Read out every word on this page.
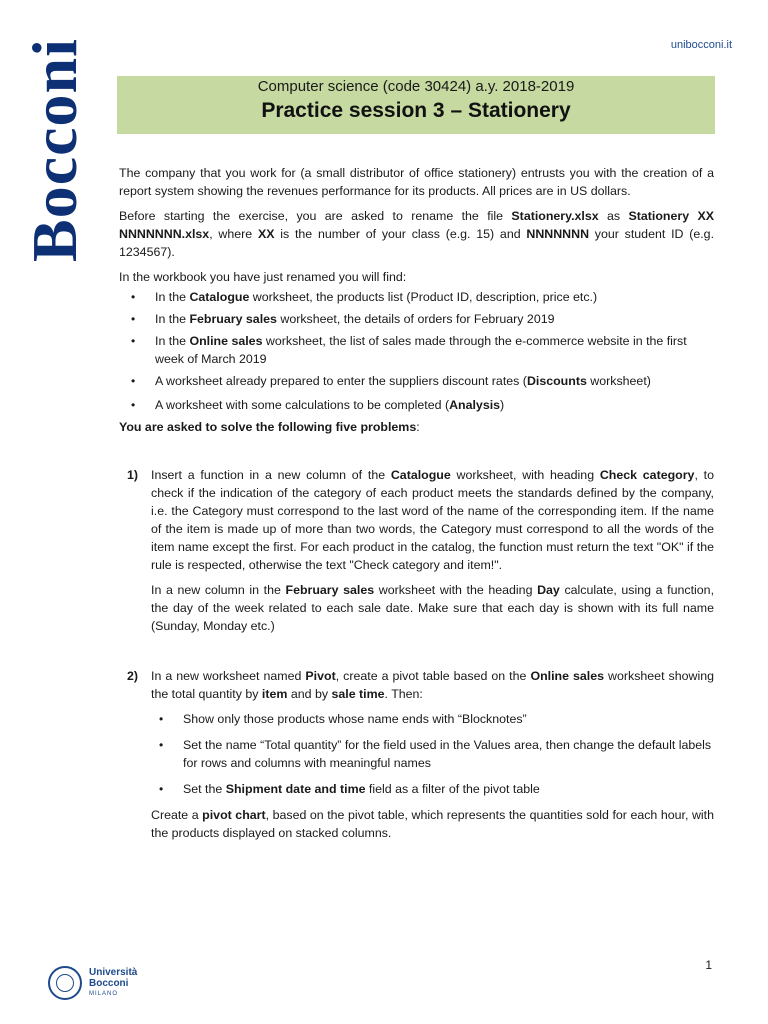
Bocconi	unibocconi.it
Computer science (code 30424) a.y. 2018-2019
Practice session 3 – Stationery

The company that you work for (a small distributor of office stationery) entrusts you with the creation of a report system showing the revenues performance for its products. All prices are in US dollars.

Before starting the exercise, you are asked to rename the file Stationery.xlsx as Stationery XX NNNNNNN.xlsx, where XX is the number of your class (e.g. 15) and NNNNNNN your student ID (e.g. 1234567).

In the workbook you have just renamed you will find:

• In the Catalogue worksheet, the products list (Product ID, description, price etc.)
• In the February sales worksheet, the details of orders for February 2019
• In the Online sales worksheet, the list of sales made through the e-commerce website in the first week of March 2019
• A worksheet already prepared to enter the suppliers discount rates (Discounts worksheet)
• A worksheet with some calculations to be completed (Analysis)

You are asked to solve the following five problems:

1) Insert a function in a new column of the Catalogue worksheet, with heading Check category, to check if the indication of the category of each product meets the standards defined by the company, i.e. the Category must correspond to the last word of the name of the corresponding item. If the name of the item is made up of more than two words, the Category must correspond to all the words of the item name except the first. For each product in the catalog, the function must return the text "OK" if the rule is respected, otherwise the text "Check category and item!".

In a new column in the February sales worksheet with the heading Day calculate, using a function, the day of the week related to each sale date. Make sure that each day is shown with its full name (Sunday, Monday etc.)

2) In a new worksheet named Pivot, create a pivot table based on the Online sales worksheet showing the total quantity by item and by sale time. Then:

• Show only those products whose name ends with “Blocknotes”
• Set the name “Total quantity” for the field used in the Values area, then change the default labels for rows and columns with meaningful names
• Set the Shipment date and time field as a filter of the pivot table

Create a pivot chart, based on the pivot table, which represents the quantities sold for each hour, with the products displayed on stacked columns.

1
Università
Bocconi
MILANO
